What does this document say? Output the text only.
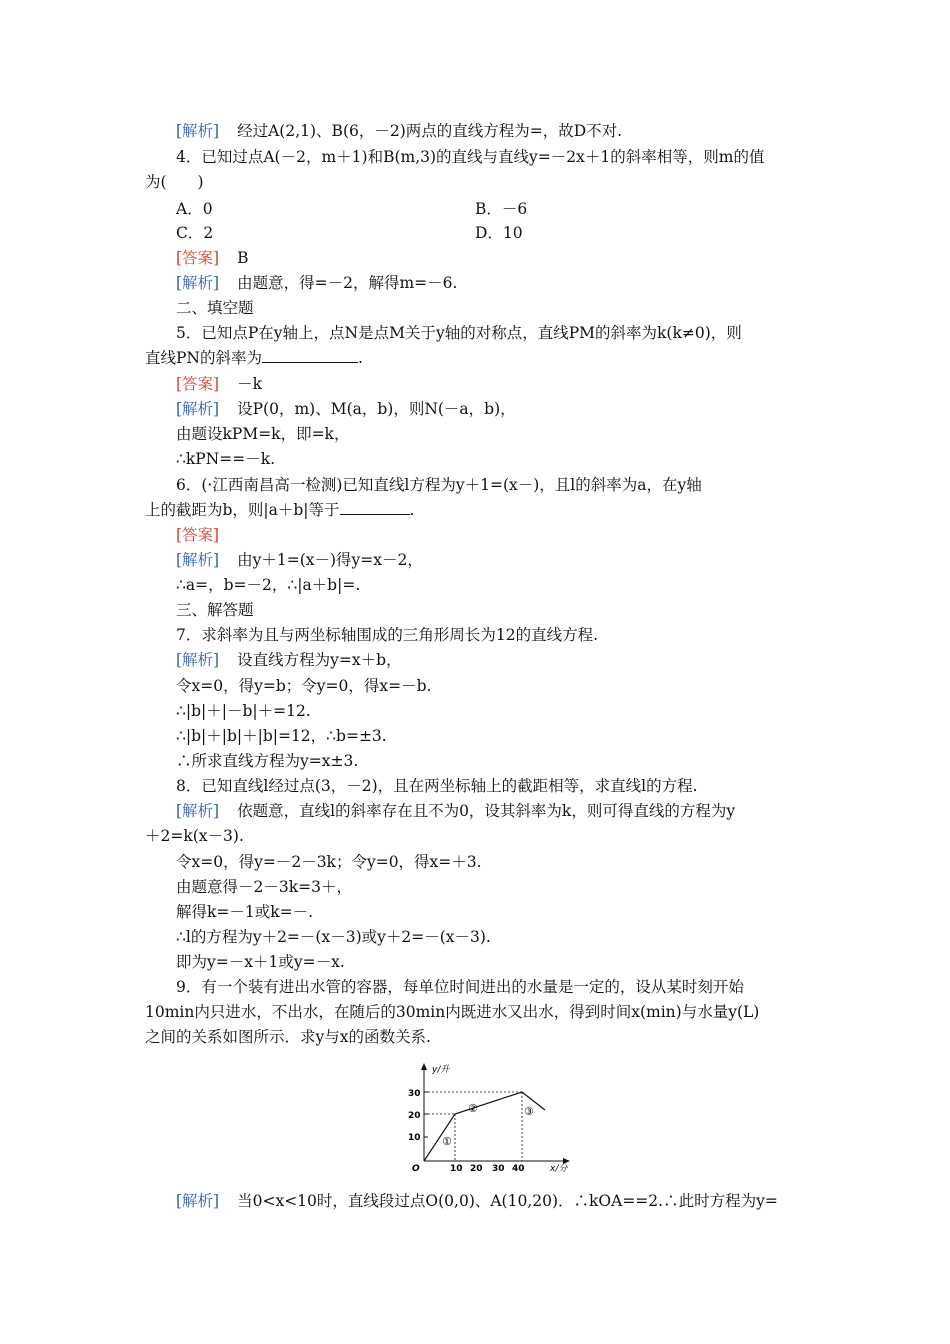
[解析] 经过A(2,1)、B(6，－2)两点的直线方程为=，故D不对.
4．已知过点A(－2，m＋1)和B(m,3)的直线与直线y=－2x＋1的斜率相等，则m的值
为(　　)
A．0	B．－6
C．2	D．10
[答案] B
[解析] 由题意，得=－2，解得m=－6.
二、填空题
5．已知点P在y轴上，点N是点M关于y轴的对称点，直线PM的斜率为k(k≠0)，则
直线PN的斜率为	.
[答案] －k
[解析] 设P(0，m)、M(a，b)，则N(－a，b)，
由题设kPM=k，即=k，
∴kPN==－k.
6．(·江西南昌高一检测)已知直线l方程为y＋1=(x－)，且l的斜率为a，在y轴
上的截距为b，则|a＋b|等于	.
[答案]
[解析] 由y＋1=(x－)得y=x－2，
∴a=，b=－2，∴|a＋b|=.
三、解答题
7．求斜率为且与两坐标轴围成的三角形周长为12的直线方程.
[解析] 设直线方程为y=x＋b，
令x=0，得y=b；令y=0，得x=－b.
∴|b|＋|－b|＋=12.
∴|b|＋|b|＋|b|=12，∴b=±3.
∴所求直线方程为y=x±3.
8．已知直线l经过点(3，－2)，且在两坐标轴上的截距相等，求直线l的方程.
[解析] 依题意，直线l的斜率存在且不为0，设其斜率为k，则可得直线的方程为y
＋2=k(x－3).
令x=0，得y=－2－3k；令y=0，得x=＋3.
由题意得－2－3k=3＋，
解得k=－1或k=－.
∴l的方程为y＋2=－(x－3)或y＋2=－(x－3).
即为y=－x＋1或y=－x.
9．有一个装有进出水管的容器，每单位时间进出的水量是一定的，设从某时刻开始
10min内只进水，不出水，在随后的30min内既进水又出水，得到时间x(min)与水量y(L)
之间的关系如图所示．求y与x的函数关系.
y/升
x/分
O
30
20
10
10 20 30 40
①
②	③
[解析] 当0<x<10时，直线段过点O(0,0)、A(10,20)．∴kOA==2.∴此时方程为y=
